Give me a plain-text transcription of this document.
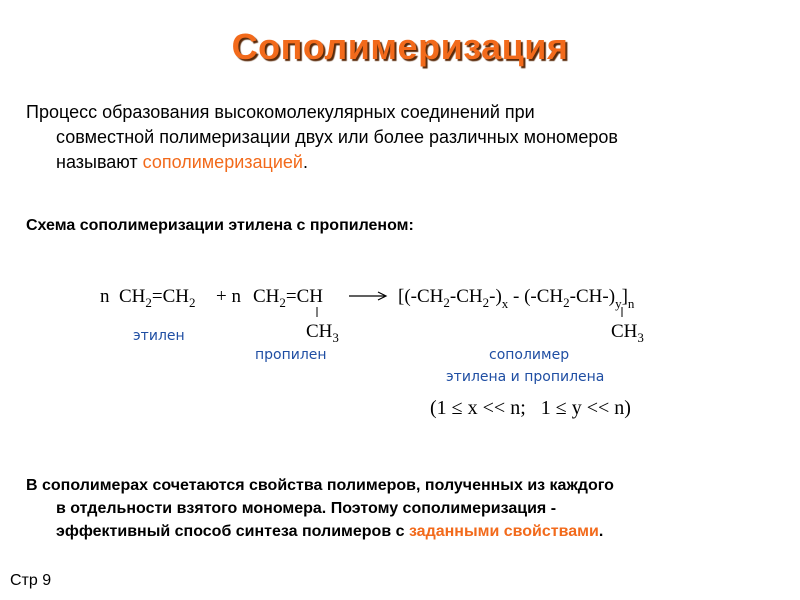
Сополимеризация
Процесс образования высокомолекулярных соединений при
совместной полимеризации двух или более различных мономеров
называют сополимеризацией.
Схема сополимеризации этилена с пропиленом:
n $CH_2=CH_2 + n$ $CH_2=CH$	$[(-CH_2-CH_2-)_x - (-CH_2-CH-)_y]_n$
$CH_3$	$CH_3$
этилен
пропилен	сополимер
этилена и пропилена
(1 ≤ x << n;   1 ≤ y << n)
В сополимерах сочетаются свойства полимеров, полученных из каждого
в отдельности взятого мономера. Поэтому сополимеризация -
эффективный способ синтеза полимеров с заданными свойствами.
Стр 9
